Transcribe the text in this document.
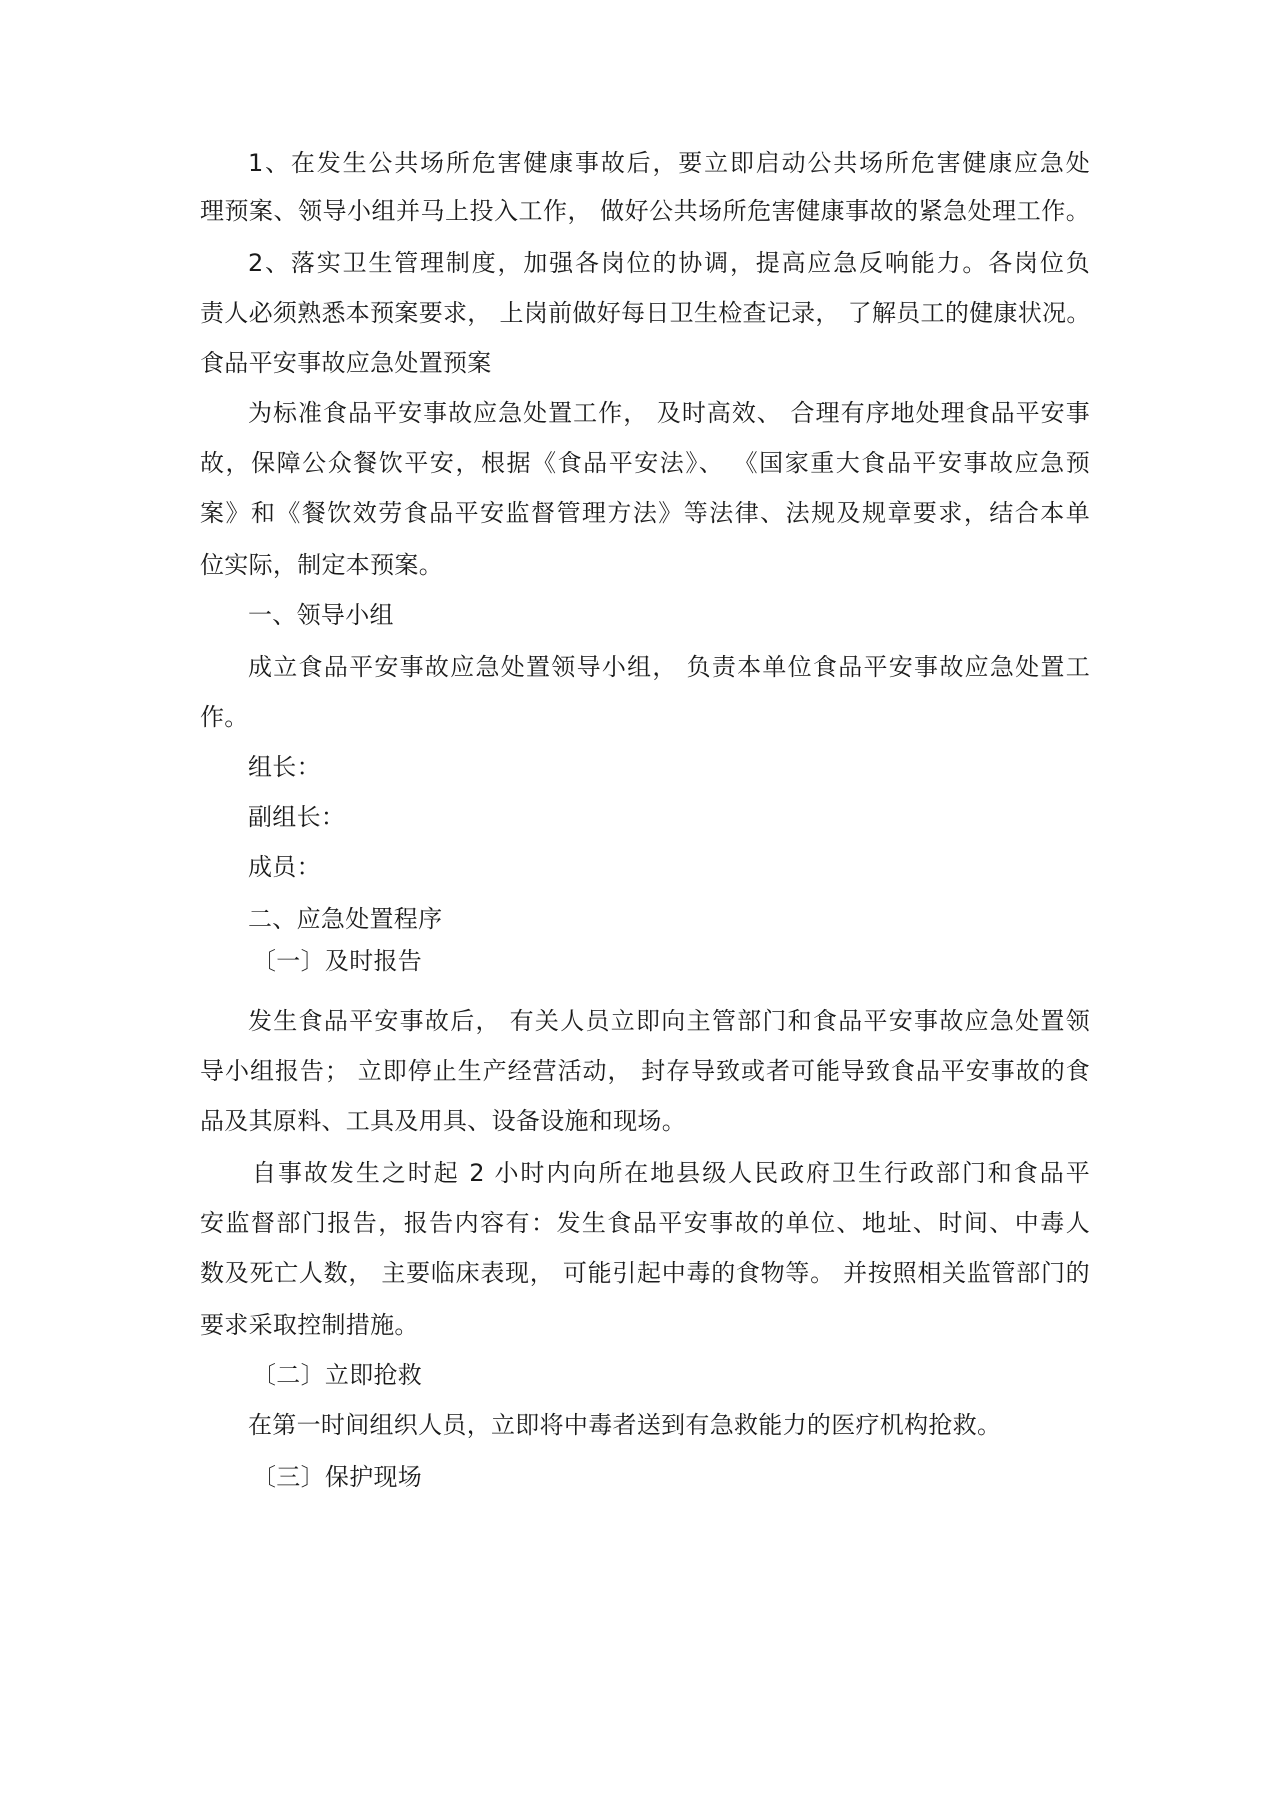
1、在发生公共场所危害健康事故后，要立即启动公共场所危害健康应急处
理预案、领导小组并马上投入工作， 做好公共场所危害健康事故的紧急处理工作。
2、落实卫生管理制度，加强各岗位的协调，提高应急反响能力。各岗位负
责人必须熟悉本预案要求， 上岗前做好每日卫生检查记录， 了解员工的健康状况。
食品平安事故应急处置预案
为标准食品平安事故应急处置工作， 及时高效、 合理有序地处理食品平安事
故，保障公众餐饮平安，根据《食品平安法》、 《国家重大食品平安事故应急预
案》和《餐饮效劳食品平安监督管理方法》等法律、法规及规章要求，结合本单
位实际，制定本预案。
一、领导小组
成立食品平安事故应急处置领导小组， 负责本单位食品平安事故应急处置工
作。
组长：
副组长：
成员：
二、应急处置程序
〔一〕及时报告
发生食品平安事故后， 有关人员立即向主管部门和食品平安事故应急处置领
导小组报告； 立即停止生产经营活动， 封存导致或者可能导致食品平安事故的食
品及其原料、工具及用具、设备设施和现场。
自事故发生之时起 2 小时内向所在地县级人民政府卫生行政部门和食品平
安监督部门报告，报告内容有：发生食品平安事故的单位、地址、时间、中毒人
数及死亡人数， 主要临床表现， 可能引起中毒的食物等。 并按照相关监管部门的
要求采取控制措施。
〔二〕立即抢救
在第一时间组织人员，立即将中毒者送到有急救能力的医疗机构抢救。
〔三〕保护现场
